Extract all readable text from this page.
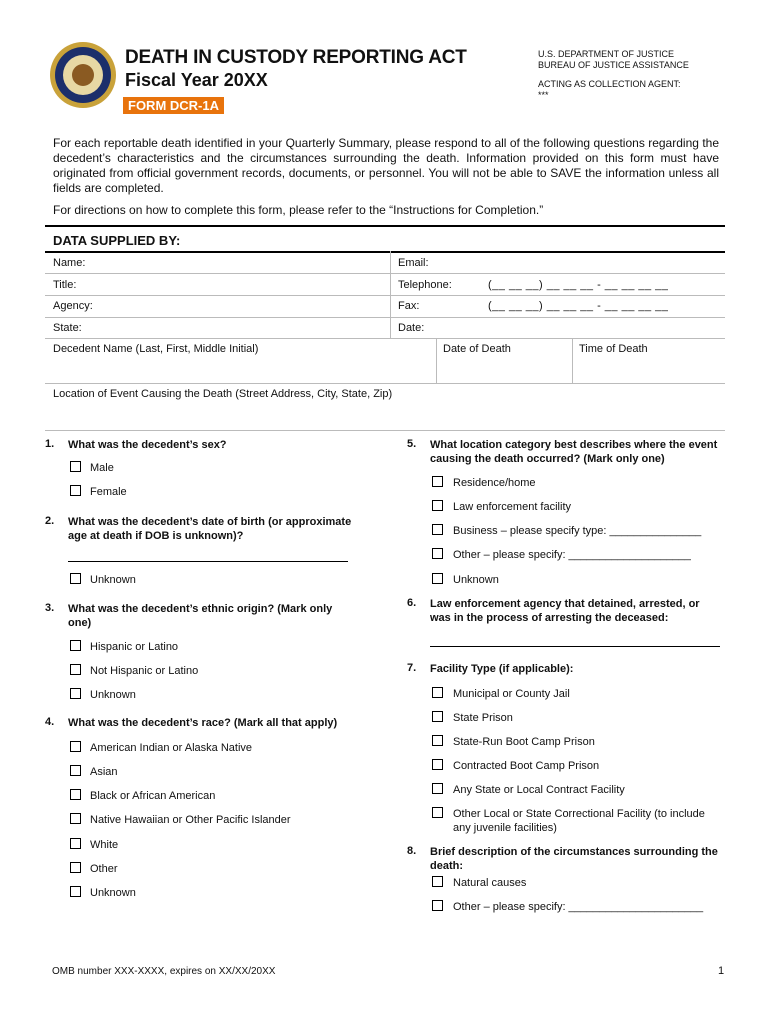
DEATH IN CUSTODY REPORTING ACT
Fiscal Year 20XX
FORM DCR-1A
U.S. DEPARTMENT OF JUSTICE
BUREAU OF JUSTICE ASSISTANCE
ACTING AS COLLECTION AGENT:
***
For each reportable death identified in your Quarterly Summary, please respond to all of the following questions regarding the decedent’s characteristics and the circumstances surrounding the death. Information provided on this form must have originated from official government records, documents, or personnel. You will not be able to SAVE the information unless all fields are completed.
For directions on how to complete this form, please refer to the “Instructions for Completion.”
DATA SUPPLIED BY:
Name:	Email:
Title:	Telephone:	(__ __ __) __ __ __ - __ __ __ __
Agency:	Fax:	(__ __ __) __ __ __ - __ __ __ __
State:	Date:
Decedent Name (Last, First, Middle Initial)	Date of Death	Time of Death
Location of Event Causing the Death (Street Address, City, State, Zip)
1. What was the decedent’s sex?
Male
Female
2. What was the decedent’s date of birth (or approximate age at death if DOB is unknown)?
Unknown
3. What was the decedent’s ethnic origin? (Mark only one)
Hispanic or Latino
Not Hispanic or Latino
Unknown
4. What was the decedent’s race? (Mark all that apply)
American Indian or Alaska Native
Asian
Black or African American
Native Hawaiian or Other Pacific Islander
White
Other
Unknown
5. What location category best describes where the event causing the death occurred? (Mark only one)
Residence/home
Law enforcement facility
Business – please specify type: _______________
Other – please specify: ____________________
Unknown
6. Law enforcement agency that detained, arrested, or was in the process of arresting the deceased:
7. Facility Type (if applicable):
Municipal or County Jail
State Prison
State-Run Boot Camp Prison
Contracted Boot Camp Prison
Any State or Local Contract Facility
Other Local or State Correctional Facility (to include any juvenile facilities)
8. Brief description of the circumstances surrounding the death:
Natural causes
Other – please specify: ______________________
OMB number XXX-XXXX, expires on XX/XX/20XX	1
